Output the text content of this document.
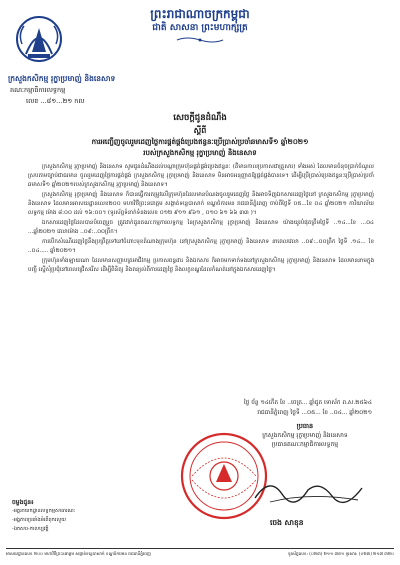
ព្រះរាជាណាចក្រកម្ពុជា
ជាតិ សាសនា ព្រះមហាក្សត្រ
ក្រសួងកសិកម្ម រុក្ខាប្រមាញ់ និងនេសាទ
គណៈកម្មាធិការលទ្ធកម្ម
លេខ ...៨១...២១ កល
សេចក្តីជូនដំណឹង
ស្តីពី
ការអញ្ជើញចូលរួមដេញថ្លៃការផ្គត់ផ្គង់ប្រេងឥន្ធនៈប្រើប្រាស់ប្រចាំឆមាសទី១ ឆ្នាំ២០២១
របស់ក្រសួងកសិកម្ម រុក្ខាប្រមាញ់ និងនេសាទ

ក្រសួងកសិកម្ម រុក្ខាប្រមាញ់ និងនេសាទ សូមជូនដំណឹងដល់បណ្តាក្រុមហ៊ុនផ្គត់ផ្គង់ប្រេងឥន្ធនៈ (គឺមានកាលប្រកាសជាគ្រួសារ) ទាំងអស់ ដែលមានចំនុចប្រាក់ចំណូលស្របតាមច្បាប់ជាធរមាន ចូលរួមដេញថ្លៃការផ្គត់ផ្គង់ ក្រសួងកសិកម្ម រុក្ខាប្រមាញ់ និងនេសាទ មិនអាចអនុញ្ញាតឱ្យផ្គត់ផ្គង់បានទេ។ ដើម្បីប្រើប្រាស់ប្រេងឥន្ធនៈប្រើប្រាស់ប្រចាំឆមាសទី១ ឆ្នាំ២០២១របស់ក្រសួងកសិកម្ម រុក្ខាប្រមាញ់ និងនេសាទ។

ក្រសួងកសិកម្ម រុក្ខាប្រមាញ់ និងនេសាទ ក៏បានធ្វើការតម្រូវលើក្រុមហ៊ុនដែលមានបំណងចូលរួមដេញថ្លៃ និងអាចទិញឯកសារដេញថ្លៃនៅ ក្រសួងកសិកម្ម រុក្ខាប្រមាញ់ និងនេសាទ ដែលមានអាសយដ្ឋានលេខ២០០ មហាវិថីព្រះនរោត្តម សង្កាត់ទន្លេបាសាក់ ខណ្ឌចំការមន រាជធានីភ្នំពេញ ចាប់ពីថ្ងៃទី ០៥...ខែ ០៤ ឆ្នាំ២០២១ ការិយាល័យលទ្ធកម្ម ម៉ោង ៨:០០ ដល់ ១៦:០០។ (ទូរស័ព្ទទំនាក់ទំនងលេខ ០១២ ៩១១ ៩៦១ , ០១០ ៦១ ៦៦ ៣៣ )។

ឯកសារដេញថ្លៃដែលបានបំពេញរួច ត្រូវដាក់ជូនគណៈកម្មការលទ្ធកម្ម នៃក្រសួងកសិកម្ម រុក្ខាប្រមាញ់ និងនេសាទ យ៉ាងយូរបំផុតត្រឹមថ្ងៃទី ..១៤...ខែ ...០៤ ...ឆ្នាំ២០២១ វេលាម៉ោង ..០៩:..០០ព្រឹក។

ការបើកសំណើដេញថ្លៃនឹងប្រព្រឹត្តទៅនៅចំពោះមុខតំណាងក្រុមហ៊ុន នៅក្រសួងកសិកម្ម រុក្ខាប្រមាញ់ និងនេសាទ នាពេលវេលា ..០៩:..០០ព្រឹក ថ្ងៃទី .១៤... ខែ ..០៤..... ឆ្នាំ២០២១។

ក្រុមហ៊ុនទាំងឡាយណា ដែលមានសញ្ញាបត្រអាជីវកម្ម ប្រកាសពន្ធដារ និងឯកសារ ក៏អាចមកទាក់ទងនៅក្រសួងកសិកម្ម រុក្ខាប្រមាញ់ និងនេសាទ ដែលមាននាមក្នុងបញ្ជី ស្នើសុំប្រជុំនៅពេលជ្រើសរើស ដើម្បីពិនិត្យ និងពន្យល់ពីការដេញថ្លៃ និងលក្ខខណ្ឌដែលកំណត់នៅក្នុងឯកសារដេញថ្លៃ។

ថ្ងៃ ច័ន្ទ ១៤កើត ខែ ..ចេត្រ... ឆ្នាំជូត ទោស័ក ព.ស.២៥៦៤
រាជធានីភ្នំពេញ ថ្ងៃទី ...០៥... ខែ ..០៤... ឆ្នាំ២០២១
ប្រធាន
ក្រសួងកសិកម្ម រុក្ខាប្រមាញ់ និងនេសាទ
ប្រធានគណៈកម្មាធិការលទ្ធកម្ម
ចេង សាខុន
ចម្លងជូន៖
-អគ្គនាយកដ្ឋានលទ្ធកម្មសាធារណៈ
-អង្គភាពប្រឆាំងអំពើពុករលួយ
-ឯកសារ-កាលប្បវត្តិ
អាសយដ្ឋានលេខ ២០០ មហាវិថីព្រះនរោត្តម សង្កាត់ទន្លេបាសាក់ ខណ្ឌចំការមន រាជធានីភ្នំពេញ	ទូរស័ព្ទលេខ: (០២៣) ២១១ ៣៥១ ទូរសារ: (០២៣) ២១៧ ៣២០
